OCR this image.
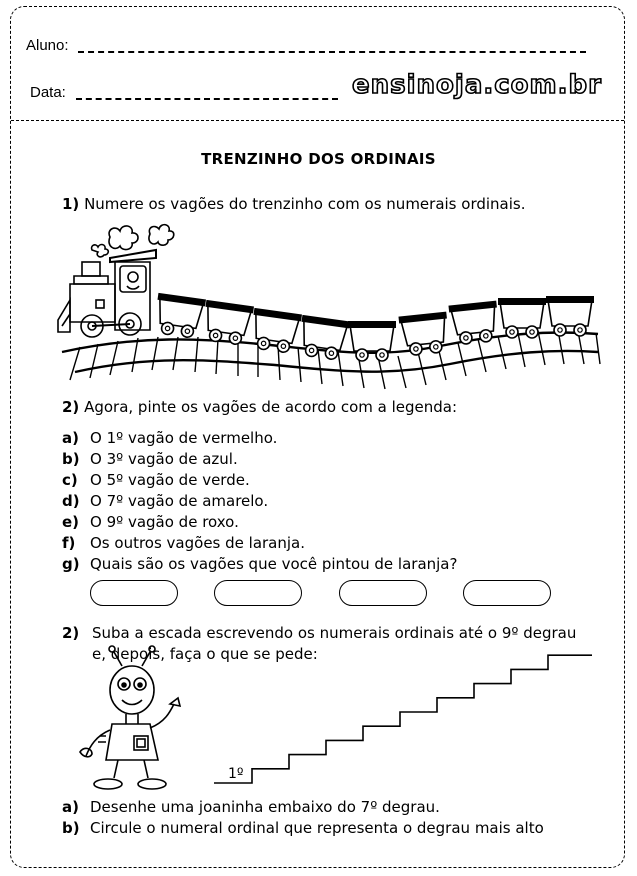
Aluno:
Data:	ensinoja.com.br
TRENZINHO DOS ORDINAIS
1) Numere os vagões do trenzinho com os numerais ordinais.
2) Agora, pinte os vagões de acordo com a legenda:
a) O 1º vagão de vermelho.
b) O 3º vagão de azul.
c) O 5º vagão de verde.
d) O 7º vagão de amarelo.
e) O 9º vagão de roxo.
f) Os outros vagões de laranja.
g) Quais são os vagões que você pintou de laranja?
2) Suba a escada escrevendo os numerais ordinais até o 9º degrau
e, depois, faça o que se pede:
1º
a) Desenhe uma joaninha embaixo do 7º degrau.
b) Circule o numeral ordinal que representa o degrau mais alto
